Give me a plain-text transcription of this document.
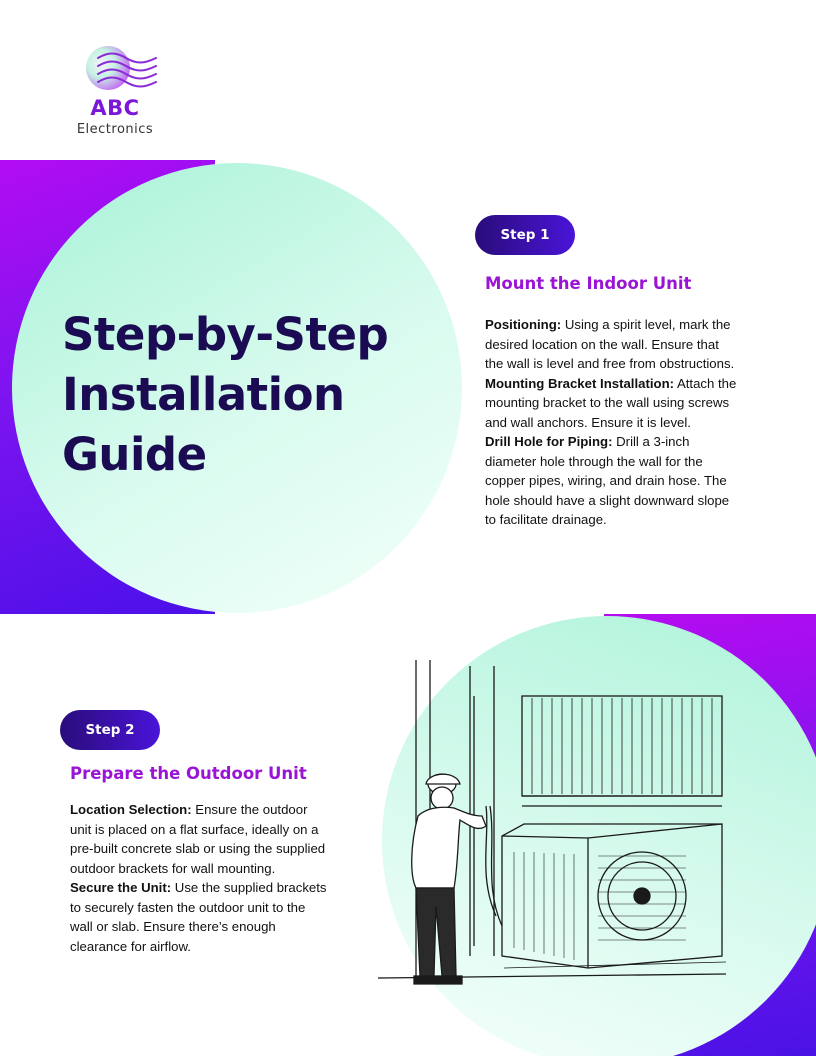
ABC
Electronics
Step-by-Step
Installation
Guide
Step 1
Mount the Indoor Unit
Positioning: Using a spirit level, mark the desired location on the wall. Ensure that the wall is level and free from obstructions.
Mounting Bracket Installation: Attach the mounting bracket to the wall using screws and wall anchors. Ensure it is level.
Drill Hole for Piping: Drill a 3-inch diameter hole through the wall for the copper pipes, wiring, and drain hose. The hole should have a slight downward slope to facilitate drainage.
Step 2
Prepare the Outdoor Unit
Location Selection: Ensure the outdoor unit is placed on a flat surface, ideally on a pre-built concrete slab or using the supplied outdoor brackets for wall mounting.
Secure the Unit: Use the supplied brackets to securely fasten the outdoor unit to the wall or slab. Ensure there’s enough clearance for airflow.
